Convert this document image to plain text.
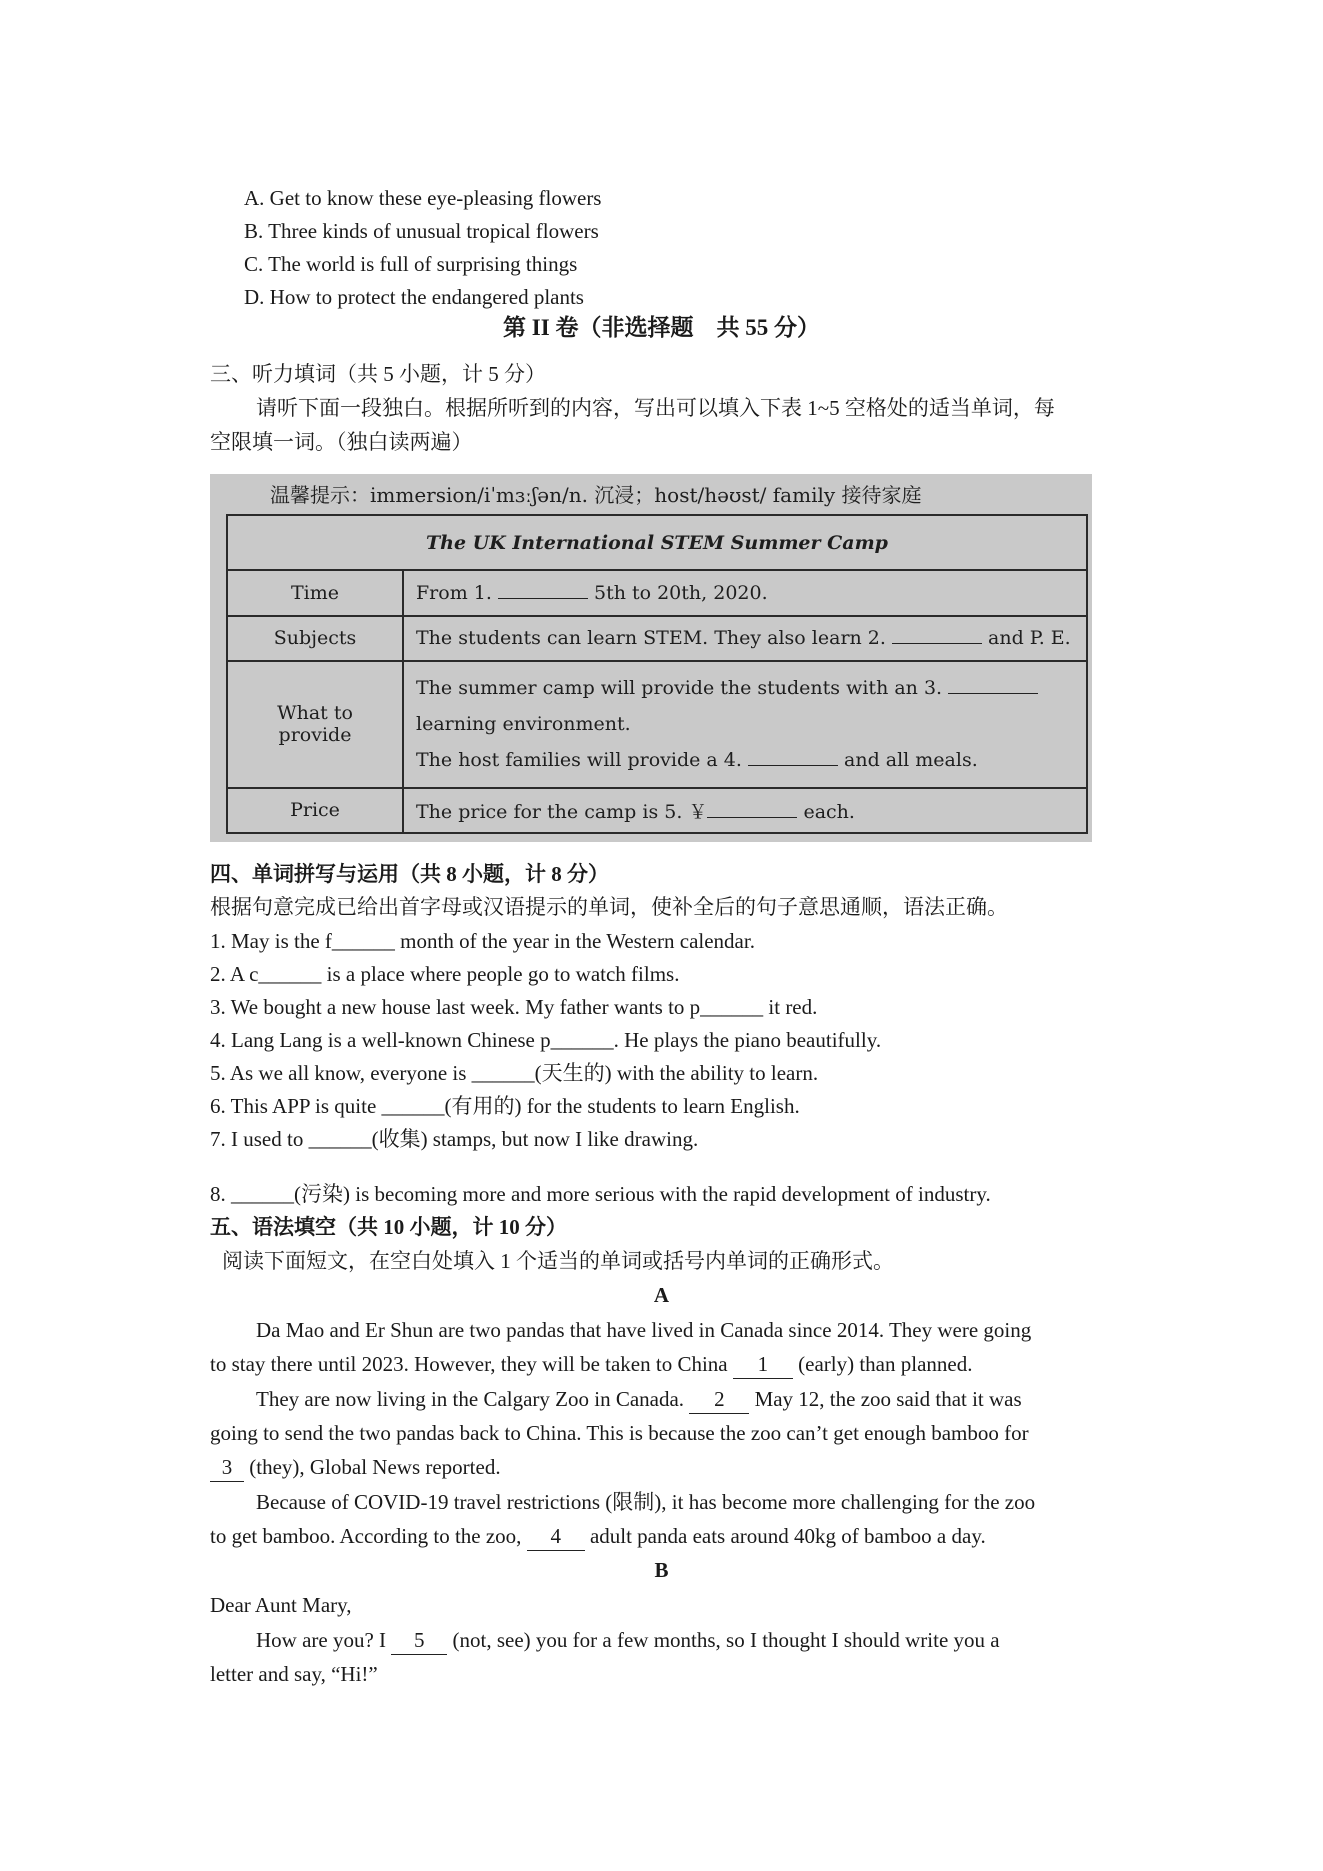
A. Get to know these eye-pleasing flowers
B. Three kinds of unusual tropical flowers
C. The world is full of surprising things
D. How to protect the endangered plants
第 II 卷（非选择题　共 55 分）
三、听力填词（共 5 小题，计 5 分）
请听下面一段独白。根据所听到的内容，写出可以填入下表 1~5 空格处的适当单词，每
空限填一词。（独白读两遍）
温馨提示：immersion/iˈmɜːʃən/n. 沉浸；host/həʊst/ family 接待家庭
The UK International STEM Summer Camp	
Time	From 1. 5th to 20th, 2020.
Subjects	The students can learn STEM. They also learn 2. and P. E.
What to provide	The summer camp will provide the students with an 3.
learning environment.
The host families will provide a 4. and all meals.

Price	The price for the camp is 5. ￥ each.
四、单词拼写与运用（共 8 小题，计 8 分）
根据句意完成已给出首字母或汉语提示的单词，使补全后的句子意思通顺，语法正确。
1. May is the f______ month of the year in the Western calendar.
2. A c______ is a place where people go to watch films.
3. We bought a new house last week. My father wants to p______ it red.
4. Lang Lang is a well-known Chinese p______. He plays the piano beautifully.
5. As we all know, everyone is ______(天生的) with the ability to learn.
6. This APP is quite ______(有用的) for the students to learn English.
7. I used to ______(收集) stamps, but now I like drawing.
8. ______(污染) is becoming more and more serious with the rapid development of industry.
五、语法填空（共 10 小题，计 10 分）
阅读下面短文，在空白处填入 1 个适当的单词或括号内单词的正确形式。
A
Da Mao and Er Shun are two pandas that have lived in Canada since 2014. They were going
to stay there until 2023. However, they will be taken to China 1 (early) than planned.
They are now living in the Calgary Zoo in Canada. 2 May 12, the zoo said that it was
going to send the two pandas back to China. This is because the zoo can’t get enough bamboo for
3 (they), Global News reported.
Because of COVID-19 travel restrictions (限制), it has become more challenging for the zoo
to get bamboo. According to the zoo, 4 adult panda eats around 40kg of bamboo a day.
B
Dear Aunt Mary,
How are you? I 5 (not, see) you for a few months, so I thought I should write you a
letter and say, “Hi!”
